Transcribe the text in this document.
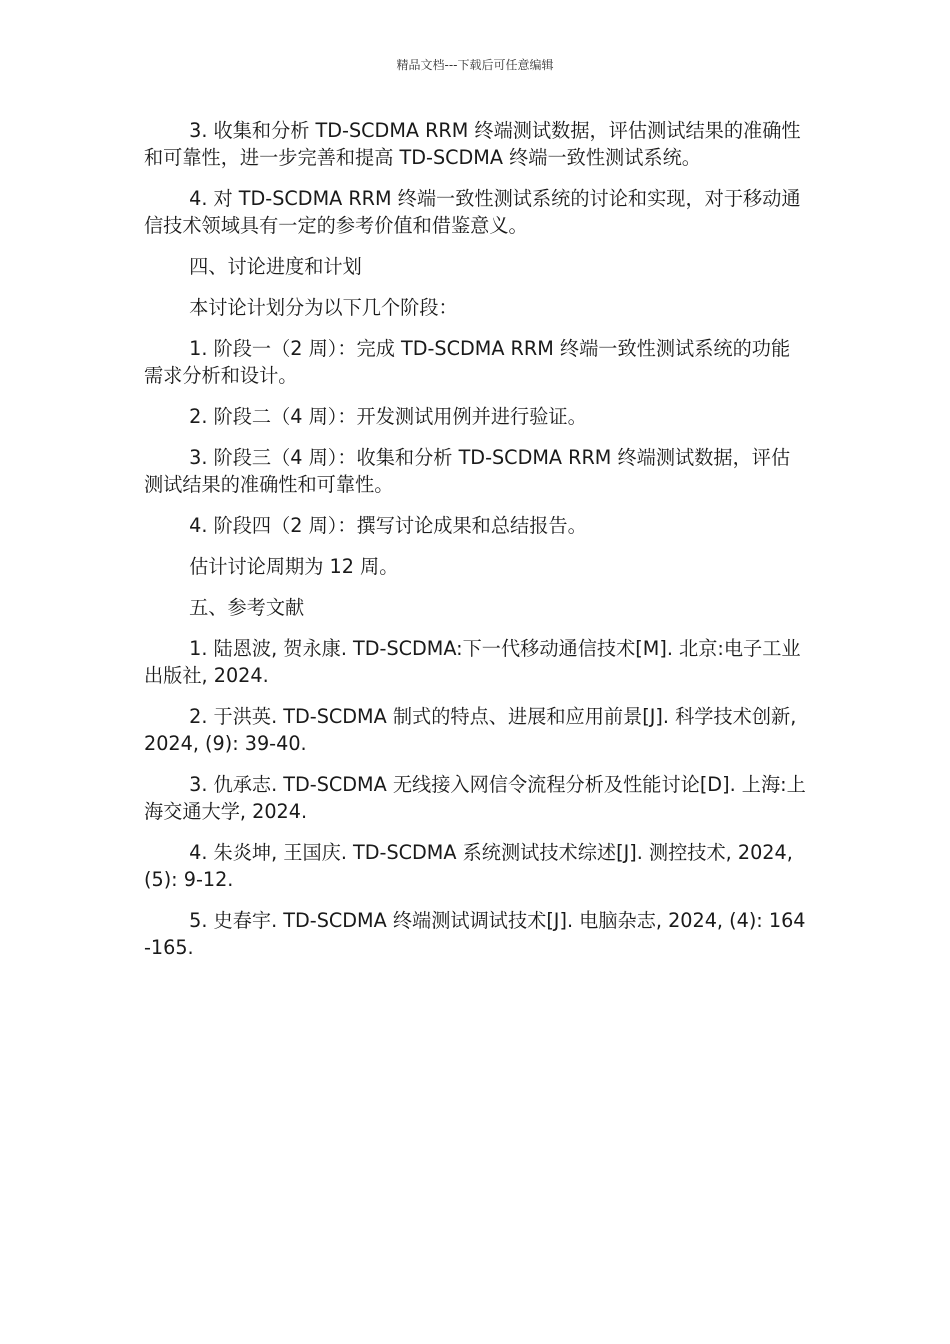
精品文档---下载后可任意编辑

3. 收集和分析 TD-SCDMA RRM 终端测试数据，评估测试结果的准确性和可靠性，进一步完善和提高 TD-SCDMA 终端一致性测试系统。

4. 对 TD-SCDMA RRM 终端一致性测试系统的讨论和实现，对于移动通信技术领域具有一定的参考价值和借鉴意义。

四、讨论进度和计划

本讨论计划分为以下几个阶段：

1. 阶段一（2 周）：完成 TD-SCDMA RRM 终端一致性测试系统的功能需求分析和设计。

2. 阶段二（4 周）：开发测试用例并进行验证。

3. 阶段三（4 周）：收集和分析 TD-SCDMA RRM 终端测试数据，评估测试结果的准确性和可靠性。

4. 阶段四（2 周）：撰写讨论成果和总结报告。

估计讨论周期为 12 周。

五、参考文献

1. 陆恩波, 贺永康. TD-SCDMA:下一代移动通信技术[M]. 北京:电子工业出版社, 2024.

2. 于洪英. TD-SCDMA 制式的特点、进展和应用前景[J]. 科学技术创新, 2024, (9): 39-40.

3. 仇承志. TD-SCDMA 无线接入网信令流程分析及性能讨论[D]. 上海:上海交通大学, 2024.

4. 朱炎坤, 王国庆. TD-SCDMA 系统测试技术综述[J]. 测控技术, 2024, (5): 9-12.

5. 史春宇. TD-SCDMA 终端测试调试技术[J]. 电脑杂志, 2024, (4): 164-165.
